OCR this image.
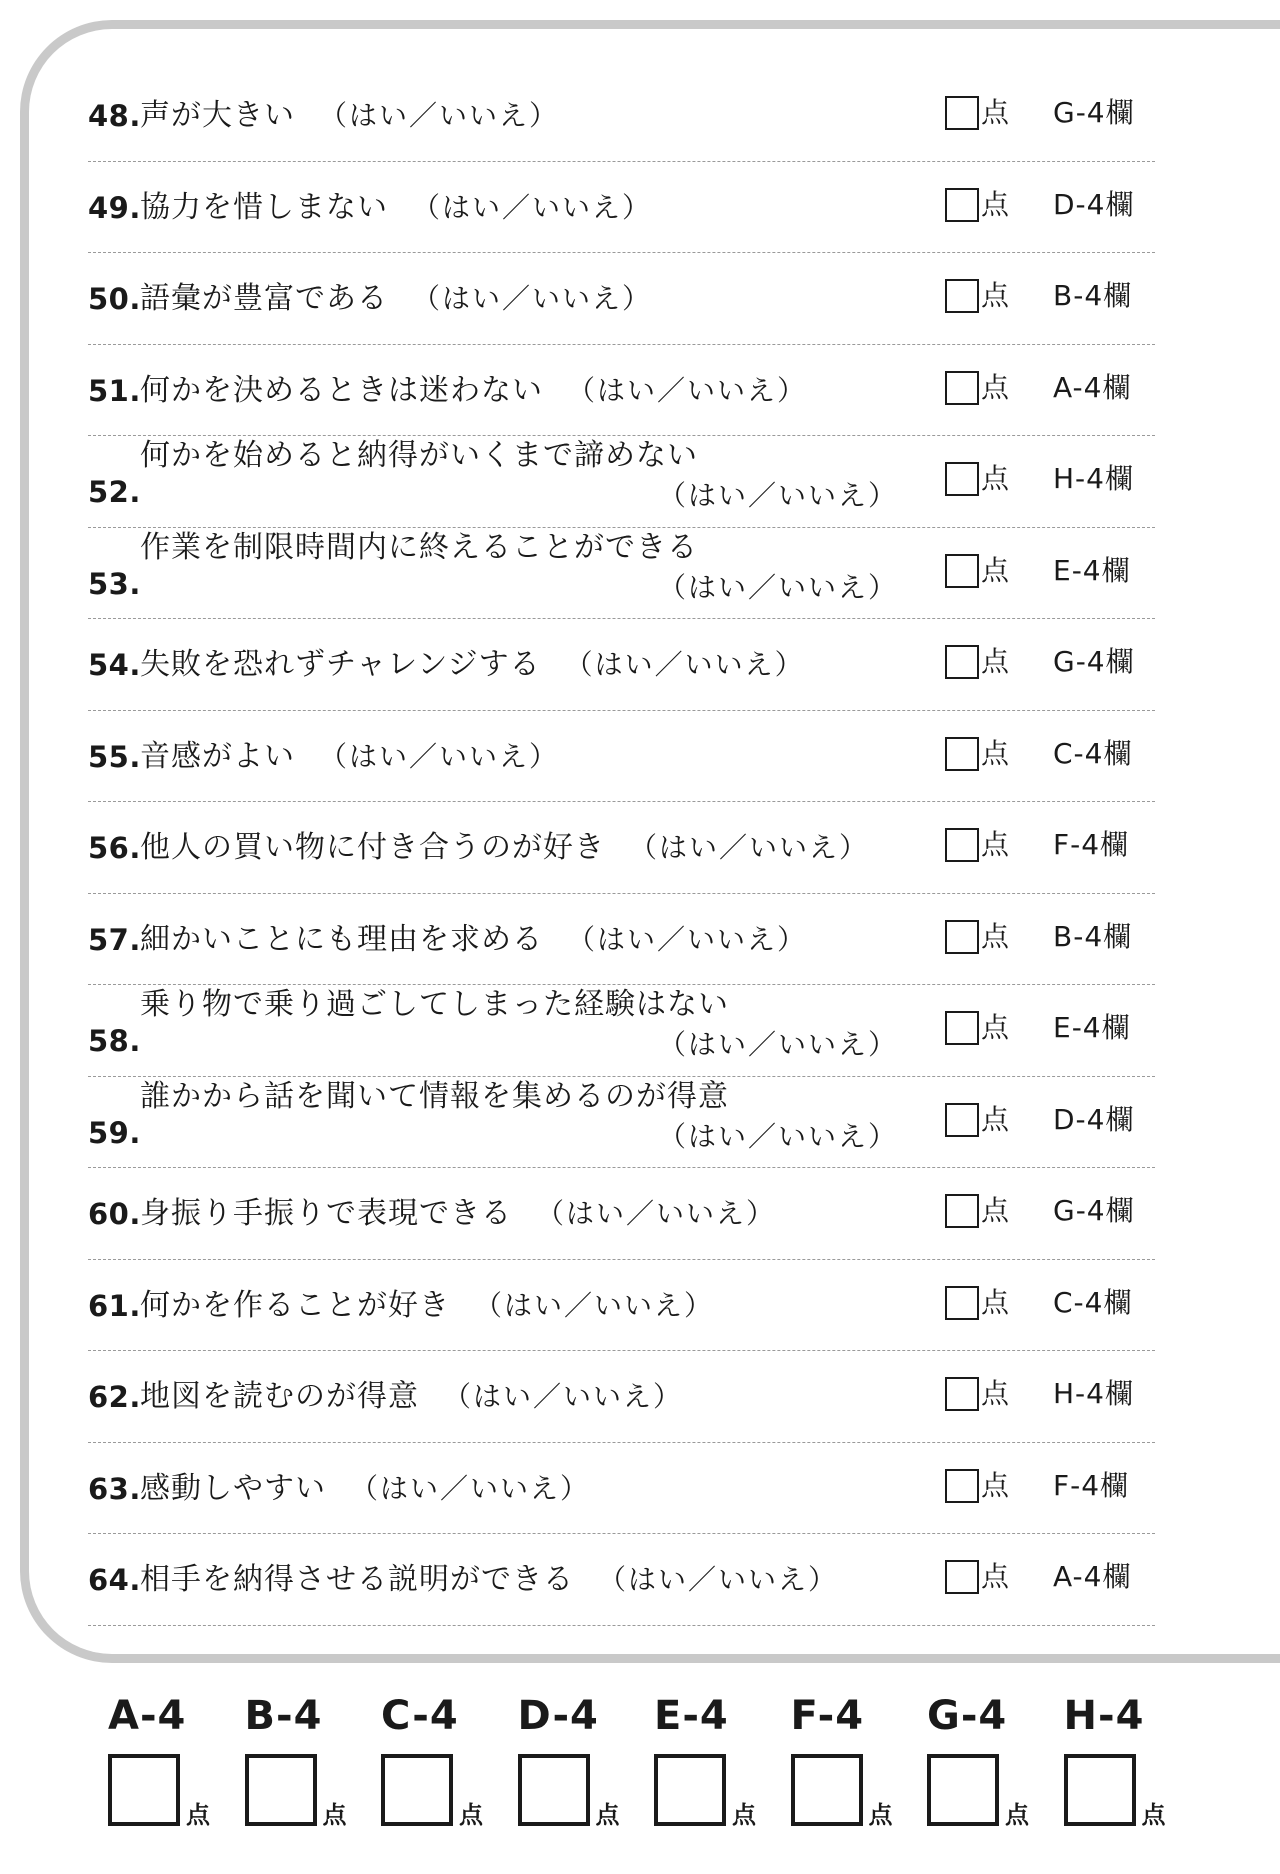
48. 声が大きい （はい／いいえ）	点 G-4欄
49. 協力を惜しまない （はい／いいえ）	点 D-4欄
50. 語彙が豊富である （はい／いいえ）	点 B-4欄
51. 何かを決めるときは迷わない （はい／いいえ）	点 A-4欄
52.
何かを始めると納得がいくまで諦めない
（はい／いいえ）
点 H-4欄
53.
作業を制限時間内に終えることができる
（はい／いいえ）
点 E-4欄
54. 失敗を恐れずチャレンジする （はい／いいえ）	点 G-4欄
55. 音感がよい （はい／いいえ）	点 C-4欄
56. 他人の買い物に付き合うのが好き （はい／いいえ）	点 F-4欄
57. 細かいことにも理由を求める （はい／いいえ）	点 B-4欄
58.
乗り物で乗り過ごしてしまった経験はない
（はい／いいえ）
点 E-4欄
59.
誰かから話を聞いて情報を集めるのが得意
（はい／いいえ）
点 D-4欄
60. 身振り手振りで表現できる （はい／いいえ）	点 G-4欄
61. 何かを作ることが好き （はい／いいえ）	点 C-4欄
62. 地図を読むのが得意 （はい／いいえ）	点 H-4欄
63. 感動しやすい （はい／いいえ）	点 F-4欄
64. 相手を納得させる説明ができる （はい／いいえ）	点 A-4欄
A-4
点
B-4
点
C-4
点
D-4
点
E-4
点
F-4
点
G-4
点
H-4
点
